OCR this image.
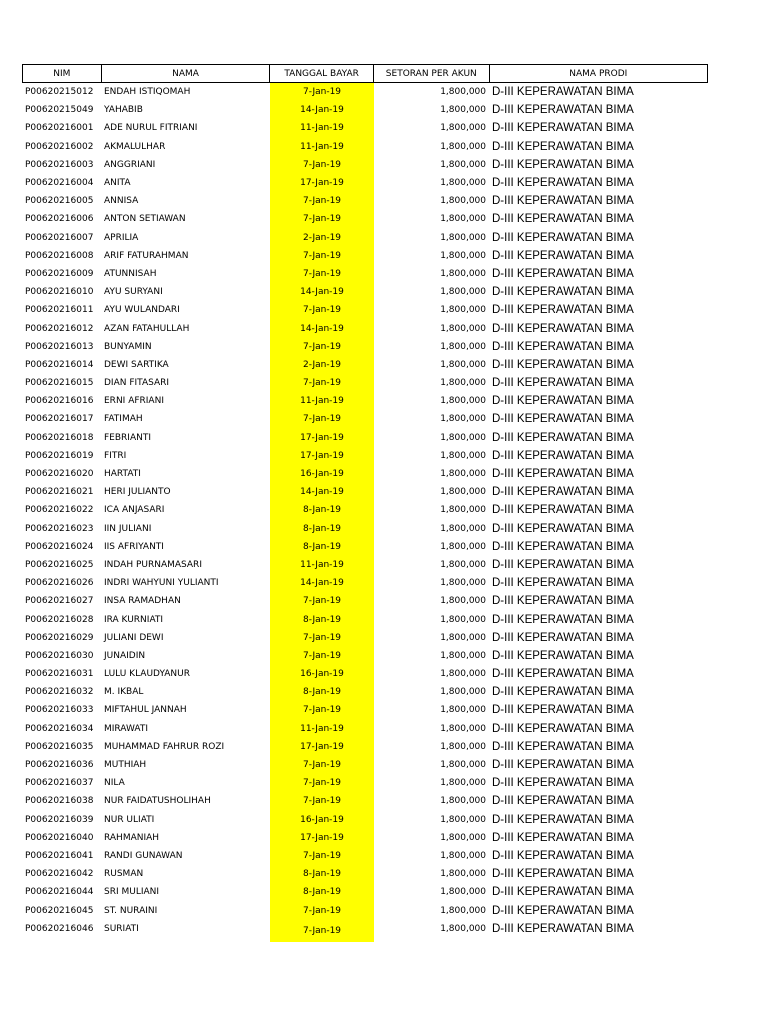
NIM	NAMA	TANGGAL BAYAR	SETORAN PER AKUN	NAMA PRODI
P00620215012	ENDAH ISTIQOMAH	7-Jan-19	1,800,000 D-III KEPERAWATAN BIMA
P00620215049	YAHABIB	14-Jan-19	1,800,000 D-III KEPERAWATAN BIMA
P00620216001	ADE NURUL FITRIANI	11-Jan-19	1,800,000 D-III KEPERAWATAN BIMA
P00620216002	AKMALULHAR	11-Jan-19	1,800,000 D-III KEPERAWATAN BIMA
P00620216003	ANGGRIANI	7-Jan-19	1,800,000 D-III KEPERAWATAN BIMA
P00620216004	ANITA	17-Jan-19	1,800,000 D-III KEPERAWATAN BIMA
P00620216005	ANNISA	7-Jan-19	1,800,000 D-III KEPERAWATAN BIMA
P00620216006	ANTON SETIAWAN	7-Jan-19	1,800,000 D-III KEPERAWATAN BIMA
P00620216007	APRILIA	2-Jan-19	1,800,000 D-III KEPERAWATAN BIMA
P00620216008	ARIF FATURAHMAN	7-Jan-19	1,800,000 D-III KEPERAWATAN BIMA
P00620216009	ATUNNISAH	7-Jan-19	1,800,000 D-III KEPERAWATAN BIMA
P00620216010	AYU SURYANI	14-Jan-19	1,800,000 D-III KEPERAWATAN BIMA
P00620216011	AYU WULANDARI	7-Jan-19	1,800,000 D-III KEPERAWATAN BIMA
P00620216012	AZAN FATAHULLAH	14-Jan-19	1,800,000 D-III KEPERAWATAN BIMA
P00620216013	BUNYAMIN	7-Jan-19	1,800,000 D-III KEPERAWATAN BIMA
P00620216014	DEWI SARTIKA	2-Jan-19	1,800,000 D-III KEPERAWATAN BIMA
P00620216015	DIAN FITASARI	7-Jan-19	1,800,000 D-III KEPERAWATAN BIMA
P00620216016	ERNI AFRIANI	11-Jan-19	1,800,000 D-III KEPERAWATAN BIMA
P00620216017	FATIMAH	7-Jan-19	1,800,000 D-III KEPERAWATAN BIMA
P00620216018	FEBRIANTI	17-Jan-19	1,800,000 D-III KEPERAWATAN BIMA
P00620216019	FITRI	17-Jan-19	1,800,000 D-III KEPERAWATAN BIMA
P00620216020	HARTATI	16-Jan-19	1,800,000 D-III KEPERAWATAN BIMA
P00620216021	HERI JULIANTO	14-Jan-19	1,800,000 D-III KEPERAWATAN BIMA
P00620216022	ICA ANJASARI	8-Jan-19	1,800,000 D-III KEPERAWATAN BIMA
P00620216023	IIN JULIANI	8-Jan-19	1,800,000 D-III KEPERAWATAN BIMA
P00620216024	IIS AFRIYANTI	8-Jan-19	1,800,000 D-III KEPERAWATAN BIMA
P00620216025	INDAH PURNAMASARI	11-Jan-19	1,800,000 D-III KEPERAWATAN BIMA
P00620216026	INDRI WAHYUNI YULIANTI	14-Jan-19	1,800,000 D-III KEPERAWATAN BIMA
P00620216027	INSA RAMADHAN	7-Jan-19	1,800,000 D-III KEPERAWATAN BIMA
P00620216028	IRA KURNIATI	8-Jan-19	1,800,000 D-III KEPERAWATAN BIMA
P00620216029	JULIANI DEWI	7-Jan-19	1,800,000 D-III KEPERAWATAN BIMA
P00620216030	JUNAIDIN	7-Jan-19	1,800,000 D-III KEPERAWATAN BIMA
P00620216031	LULU KLAUDYANUR	16-Jan-19	1,800,000 D-III KEPERAWATAN BIMA
P00620216032	M. IKBAL	8-Jan-19	1,800,000 D-III KEPERAWATAN BIMA
P00620216033	MIFTAHUL JANNAH	7-Jan-19	1,800,000 D-III KEPERAWATAN BIMA
P00620216034	MIRAWATI	11-Jan-19	1,800,000 D-III KEPERAWATAN BIMA
P00620216035	MUHAMMAD FAHRUR ROZI	17-Jan-19	1,800,000 D-III KEPERAWATAN BIMA
P00620216036	MUTHIAH	7-Jan-19	1,800,000 D-III KEPERAWATAN BIMA
P00620216037	NILA	7-Jan-19	1,800,000 D-III KEPERAWATAN BIMA
P00620216038	NUR FAIDATUSHOLIHAH	7-Jan-19	1,800,000 D-III KEPERAWATAN BIMA
P00620216039	NUR ULIATI	16-Jan-19	1,800,000 D-III KEPERAWATAN BIMA
P00620216040	RAHMANIAH	17-Jan-19	1,800,000 D-III KEPERAWATAN BIMA
P00620216041	RANDI GUNAWAN	7-Jan-19	1,800,000 D-III KEPERAWATAN BIMA
P00620216042	RUSMAN	8-Jan-19	1,800,000 D-III KEPERAWATAN BIMA
P00620216044	SRI MULIANI	8-Jan-19	1,800,000 D-III KEPERAWATAN BIMA
P00620216045	ST. NURAINI	7-Jan-19	1,800,000 D-III KEPERAWATAN BIMA
P00620216046	SURIATI	7-Jan-19	1,800,000 D-III KEPERAWATAN BIMA
